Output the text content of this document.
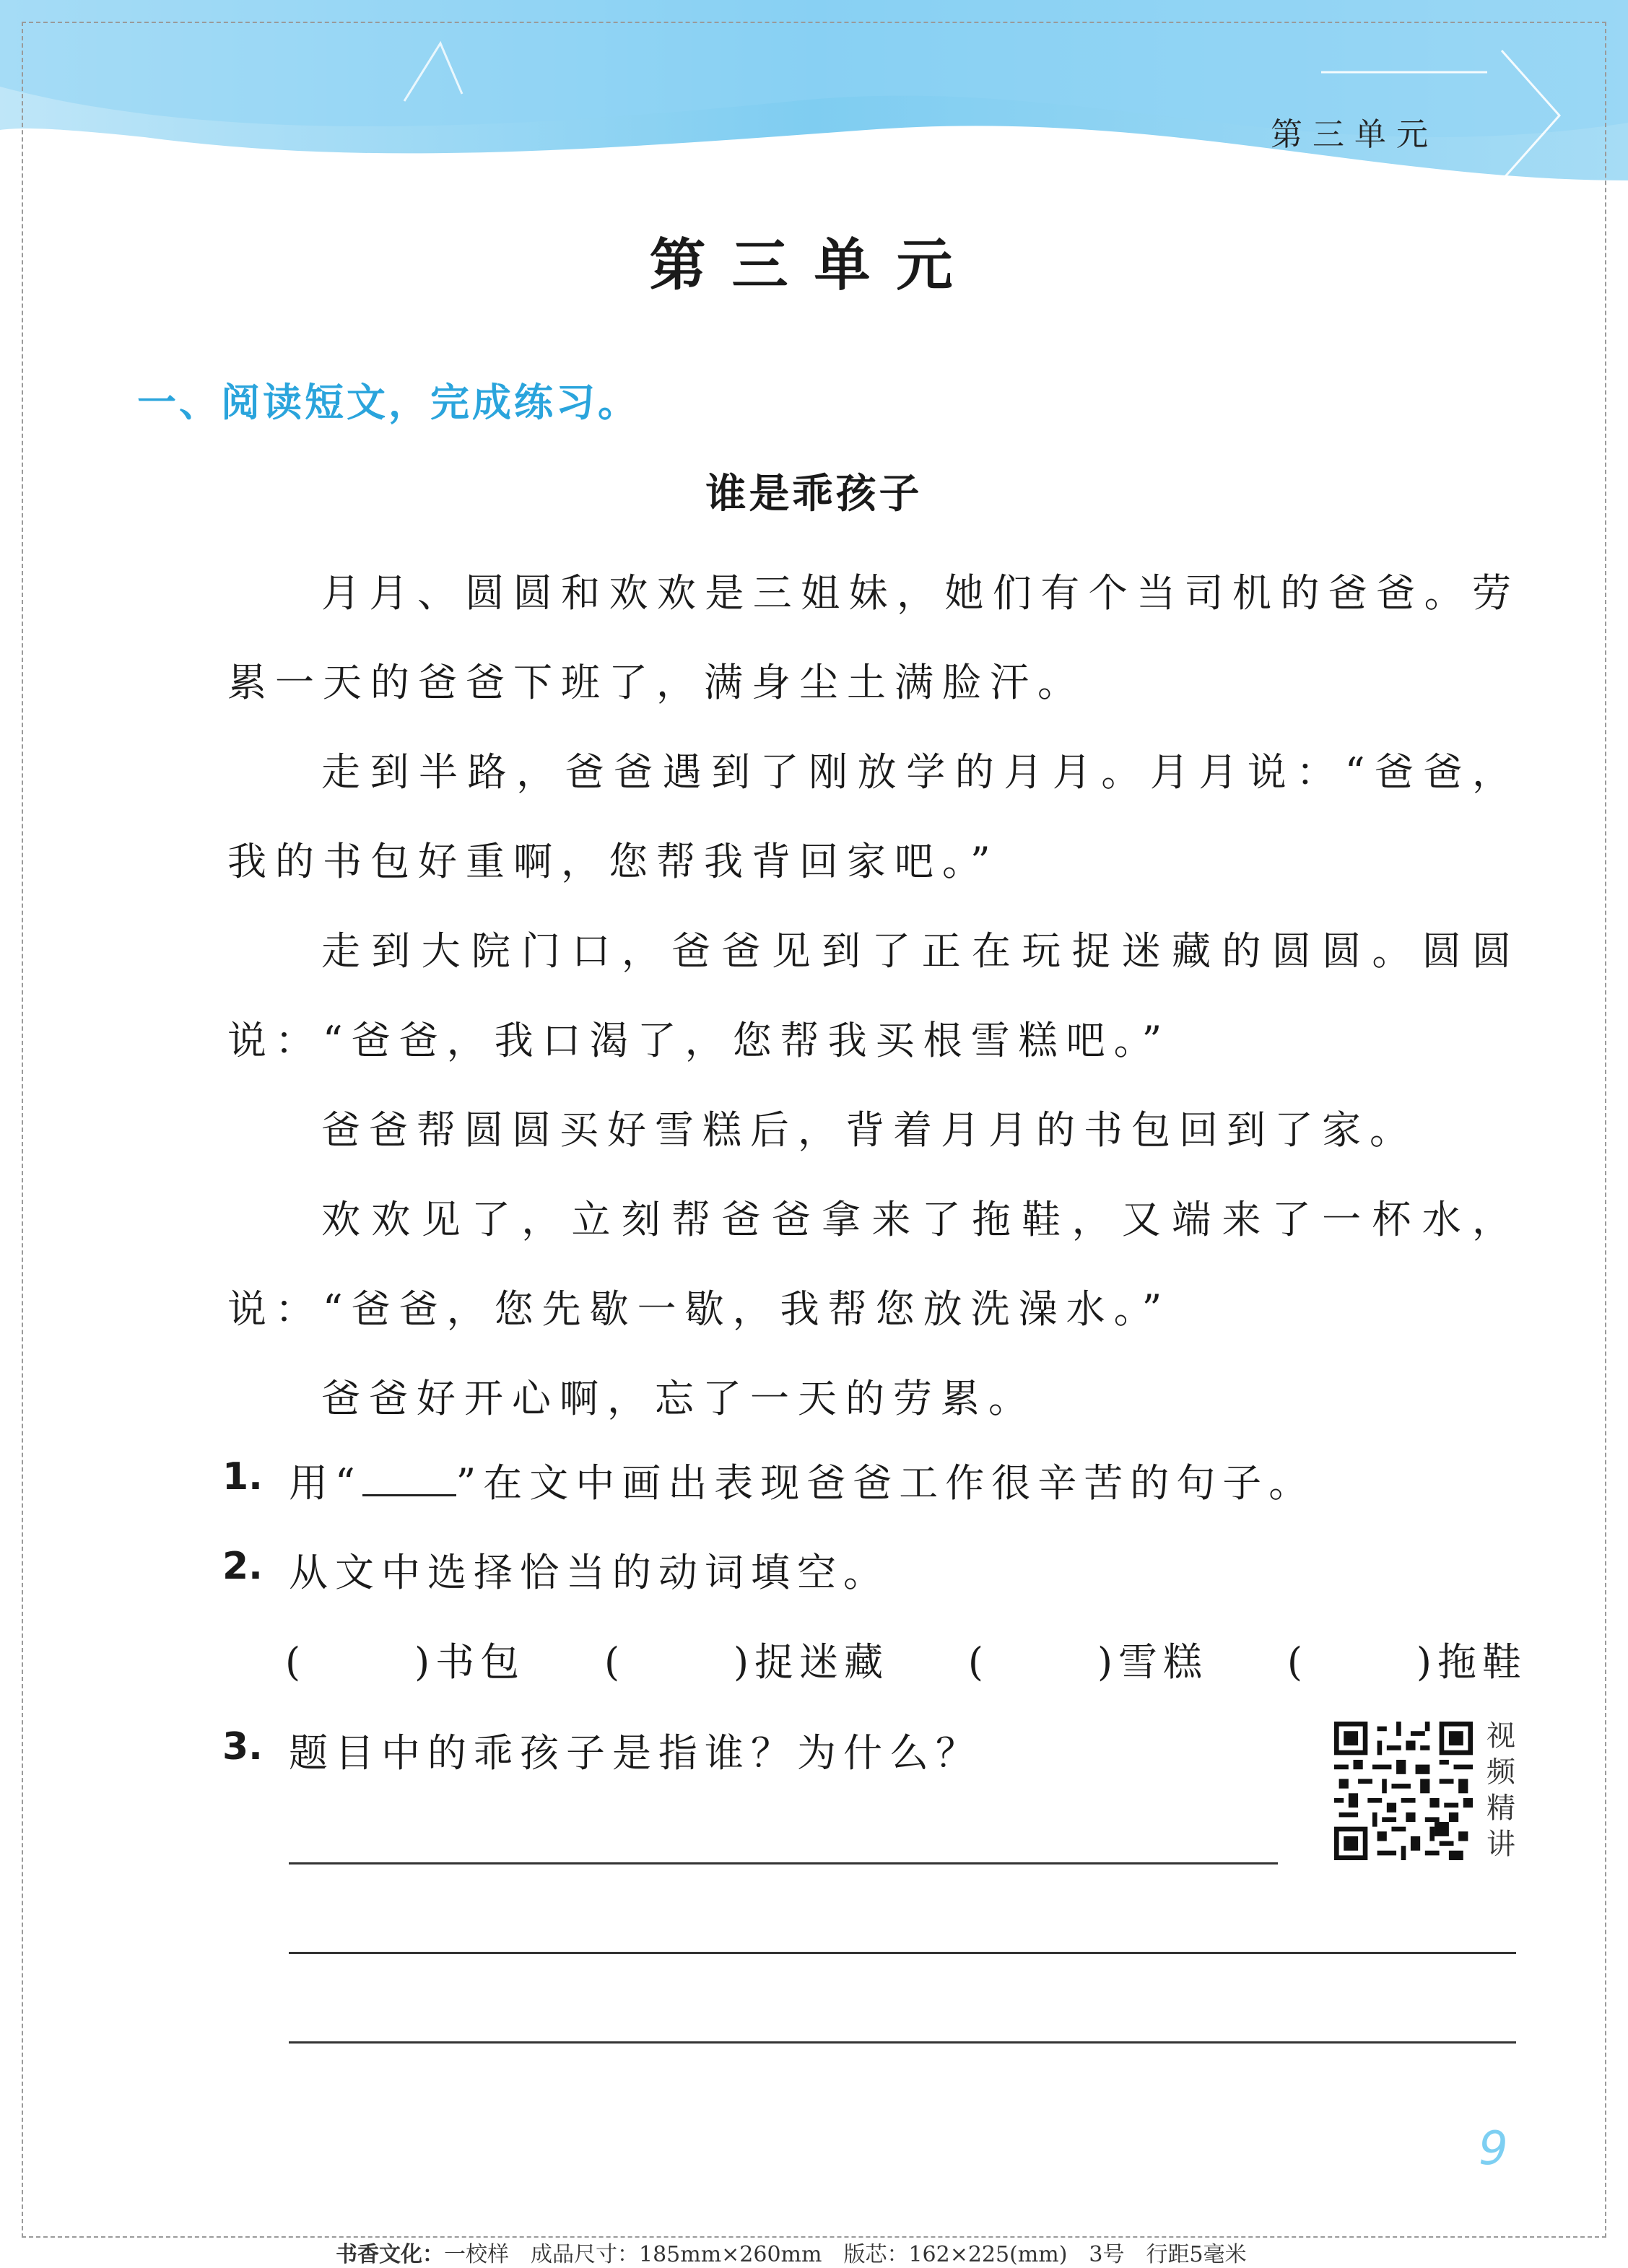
第三单元
第三单元
一、阅读短文，完成练习。
谁是乖孩子

月月、圆圆和欢欢是三姐妹，她们有个当司机的爸爸。劳累一天的爸爸下班了，满身尘土满脸汗。

走到半路，爸爸遇到了刚放学的月月。月月说：“爸爸，我的书包好重啊，您帮我背回家吧。”

走到大院门口，爸爸见到了正在玩捉迷藏的圆圆。圆圆说：“爸爸，我口渴了，您帮我买根雪糕吧。”

爸爸帮圆圆买好雪糕后，背着月月的书包回到了家。

欢欢见了，立刻帮爸爸拿来了拖鞋，又端来了一杯水，说：“爸爸，您先歇一歇，我帮您放洗澡水。”

爸爸好开心啊，忘了一天的劳累。

1. 用“ ”在文中画出表现爸爸工作很辛苦的句子。
2. 从文中选择恰当的动词填空。
(	)书包 (	)捉迷藏 (	)雪糕 (	)拖鞋
3. 题目中的乖孩子是指谁？为什么？	视频精讲
9
书香文化：一校样　成品尺寸：185mm×260mm　版芯：162×225(mm)　3号　行距5毫米
